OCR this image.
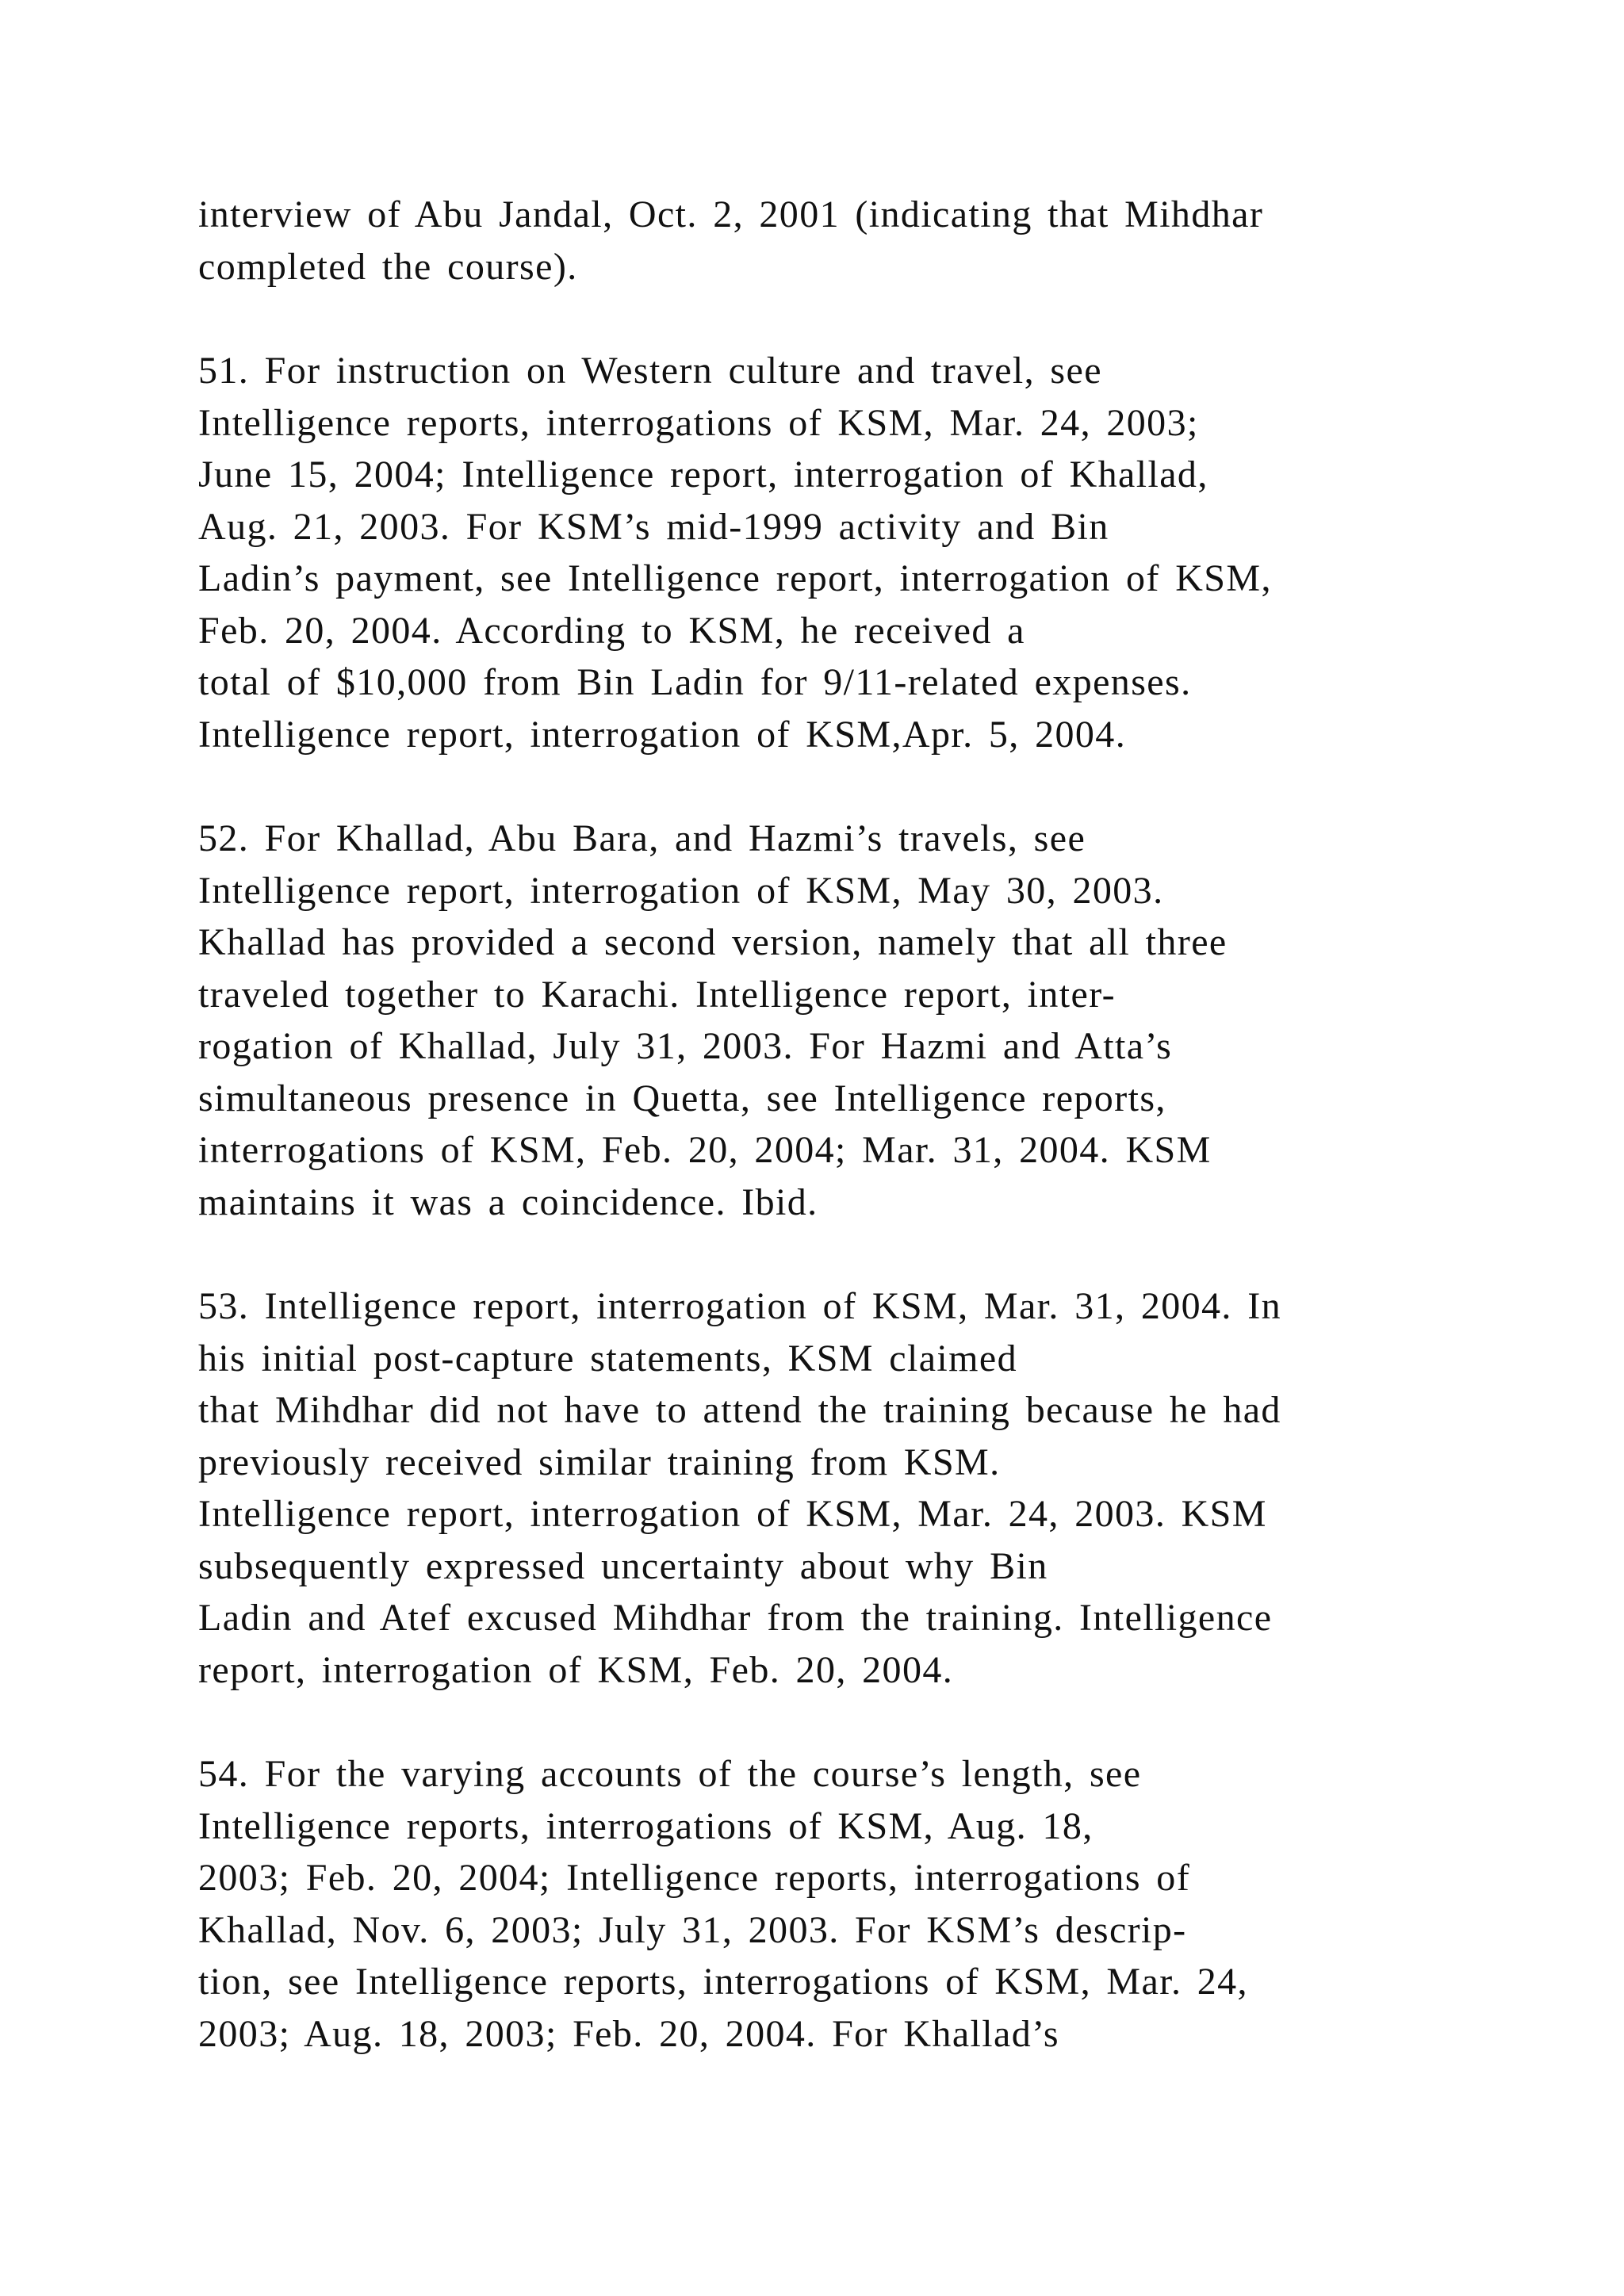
interview of Abu Jandal, Oct. 2, 2001 (indicating that Mihdhar
completed the course).
51. For instruction on Western culture and travel, see
Intelligence reports, interrogations of KSM, Mar. 24, 2003;
June 15, 2004; Intelligence report, interrogation of Khallad,
Aug. 21, 2003. For KSM’s mid-1999 activity and Bin
Ladin’s payment, see Intelligence report, interrogation of KSM,
Feb. 20, 2004. According to KSM, he received a
total of $10,000 from Bin Ladin for 9/11-related expenses.
Intelligence report, interrogation of KSM,Apr. 5, 2004.
52. For Khallad, Abu Bara, and Hazmi’s travels, see
Intelligence report, interrogation of KSM, May 30, 2003.
Khallad has provided a second version, namely that all three
traveled together to Karachi. Intelligence report, inter-
rogation of Khallad, July 31, 2003. For Hazmi and Atta’s
simultaneous presence in Quetta, see Intelligence reports,
interrogations of KSM, Feb. 20, 2004; Mar. 31, 2004. KSM
maintains it was a coincidence. Ibid.
53. Intelligence report, interrogation of KSM, Mar. 31, 2004. In
his initial post-capture statements, KSM claimed
that Mihdhar did not have to attend the training because he had
previously received similar training from KSM.
Intelligence report, interrogation of KSM, Mar. 24, 2003. KSM
subsequently expressed uncertainty about why Bin
Ladin and Atef excused Mihdhar from the training. Intelligence
report, interrogation of KSM, Feb. 20, 2004.
54. For the varying accounts of the course’s length, see
Intelligence reports, interrogations of KSM, Aug. 18,
2003; Feb. 20, 2004; Intelligence reports, interrogations of
Khallad, Nov. 6, 2003; July 31, 2003. For KSM’s descrip-
tion, see Intelligence reports, interrogations of KSM, Mar. 24,
2003; Aug. 18, 2003; Feb. 20, 2004. For Khallad’s
